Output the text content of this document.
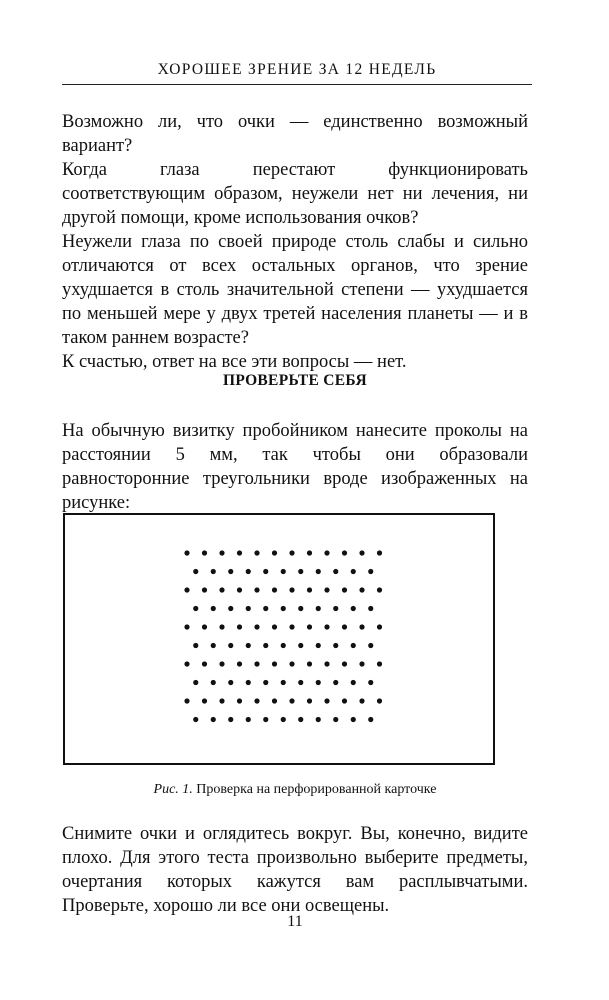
ХОРОШЕЕ ЗРЕНИЕ ЗА 12 НЕДЕЛЬ

Возможно ли, что очки — единственно возможный вариант?

Когда глаза перестают функционировать соответствующим образом, неужели нет ни лечения, ни другой помощи, кроме использования очков?

Неужели глаза по своей природе столь слабы и сильно отличаются от всех остальных органов, что зрение ухудшается в столь значительной степени — ухудшается по меньшей мере у двух третей населения планеты — и в таком раннем возрасте?

К счастью, ответ на все эти вопросы — нет.

ПРОВЕРЬТЕ СЕБЯ

На обычную визитку пробойником нанесите проколы на расстоянии 5 мм, так чтобы они образовали равносторонние треугольники вроде изображенных на рисунке:

Рис. 1. Проверка на перфорированной карточке

Снимите очки и оглядитесь вокруг. Вы, конечно, видите плохо. Для этого теста произвольно выберите предметы, очертания которых кажутся вам расплывчатыми. Проверьте, хорошо ли все они освещены.

11
